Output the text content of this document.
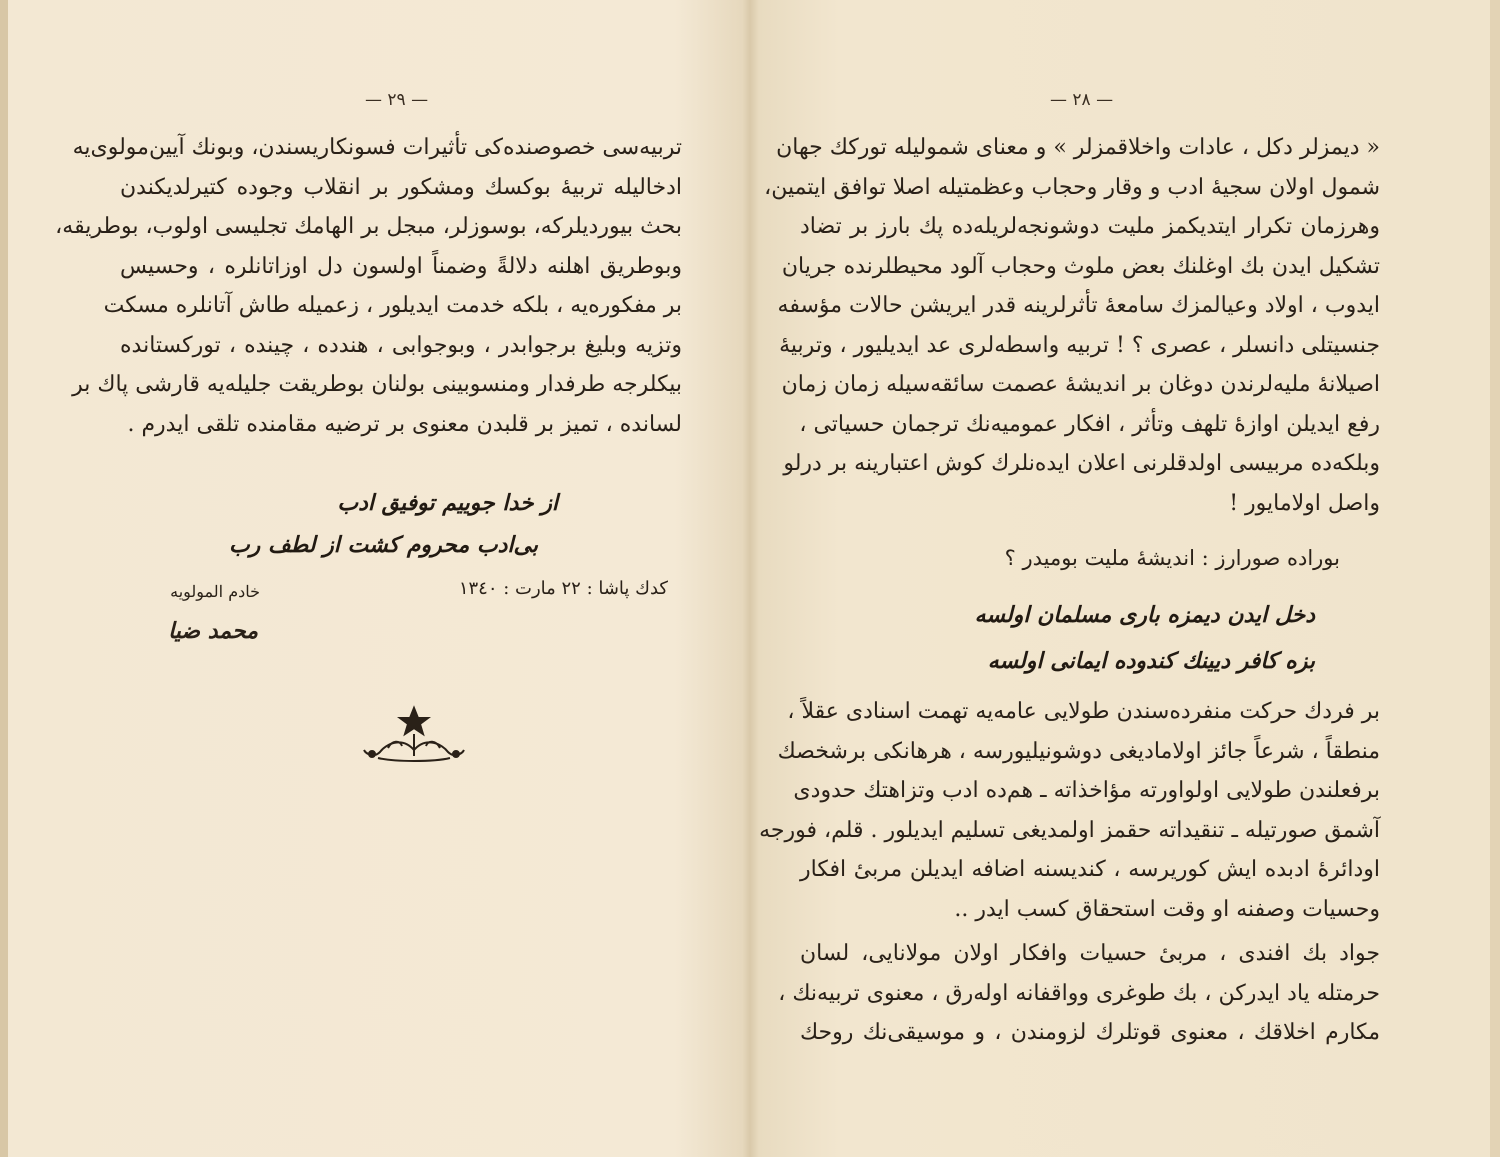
— ٢٩ —
تربیه‌سی خصوصنده‌کی تأثیرات فسونکاریسندن، وبونك آیین‌مولوی‌یه
ادخالیله تربیهٔ بوکسك ومشکور بر انقلاب وجوده کتیرلدیکندن
بحث بیوردیلرکه، بوسوزلر، مبجل بر الهامك تجلیسی اولوب، بوطریقه،
وبوطریق اهلنه دلالةً وضمناً اولسون دل اوزاتانلره ، وحسیس
بر مفکوره‌یه ، بلکه خدمت ایدیلور ، زعمیله طاش آتانلره مسکت
وتزیه وبلیغ برجوابدر ، وبوجوابی ، هندده ، چینده ، تورکستانده
بیکلرجه طرفدار ومنسوبینی بولنان بوطریقت جلیله‌یه قارشی پاك بر
لسانده ، تمیز بر قلبدن معنوی بر ترضیه مقامنده تلقی ایدرم .
از خدا جوییم توفیق ادب
بی‌ادب محروم کشت از لطف رب
کدك پاشا : ٢٢ مارت : ١٣٤٠
خادم المولویه
محمد ضیا
— ٢٨ —
« دیمزلر دکل ، عادات واخلاقمزلر » و معنای شمولیله تورکك جهان
شمول اولان سجیهٔ ادب و وقار وحجاب وعظمتیله اصلا توافق ایتمین،
وهرزمان تکرار ایتدیکمز ملیت دوشونجه‌لریله‌ده پك بارز بر تضاد
تشکیل ایدن بك اوغلنك بعض ملوث وحجاب آلود محیطلرنده جریان
ایدوب ، اولاد وعیالمزك سامعهٔ تأثرلرینه قدر ایریشن حالات مؤسفه
جنسیتلی دانسلر ، عصری ؟ ! تربیه واسطه‌لری عد ایدیلیور ، وتربیهٔ
اصیلانهٔ ملیه‌لرندن دوغان بر اندیشهٔ عصمت سائقه‌سیله زمان زمان
رفع ایدیلن اوازهٔ تلهف وتأثر ، افکار عمومیه‌نك ترجمان حسیاتی ،
وبلکه‌ده مربیسی اولدقلرنی اعلان ایده‌نلرك کوش اعتبارینه بر درلو
واصل اولامایور !
بوراده صورارز : اندیشهٔ ملیت بومیدر ؟
دخل ایدن دیمزه باری مسلمان اولسه
بزه کافر دیینك کندوده ایمانی اولسه
بر فردك حرکت منفرده‌سندن طولایی عامه‌یه تهمت اسنادی عقلاً ،
منطقاً ، شرعاً جائز اولامادیغی دوشونیلیورسه ، هرهانکی برشخصك
برفعلندن طولایی اولواورته مؤاخذاته ـ هم‌ده ادب وتزاهتك حدودی
آشمق صورتیله ـ تنقیداته حقمز اولمدیغی تسلیم ایدیلور . قلم، فورجه
اودائرهٔ ادبده ایش کوریرسه ، کندیسنه اضافه ایدیلن مربیٔ افکار
وحسیات وصفنه او وقت استحقاق کسب ایدر ..
جواد بك افندی ، مربیٔ حسیات وافکار اولان مولانایی، لسان
حرمتله یاد ایدرکن ، بك طوغری وواقفانه اوله‌رق ، معنوی تربیه‌نك ،
مکارم اخلاقك ، معنوی قوتلرك لزومندن ، و موسیقی‌نك روحك
